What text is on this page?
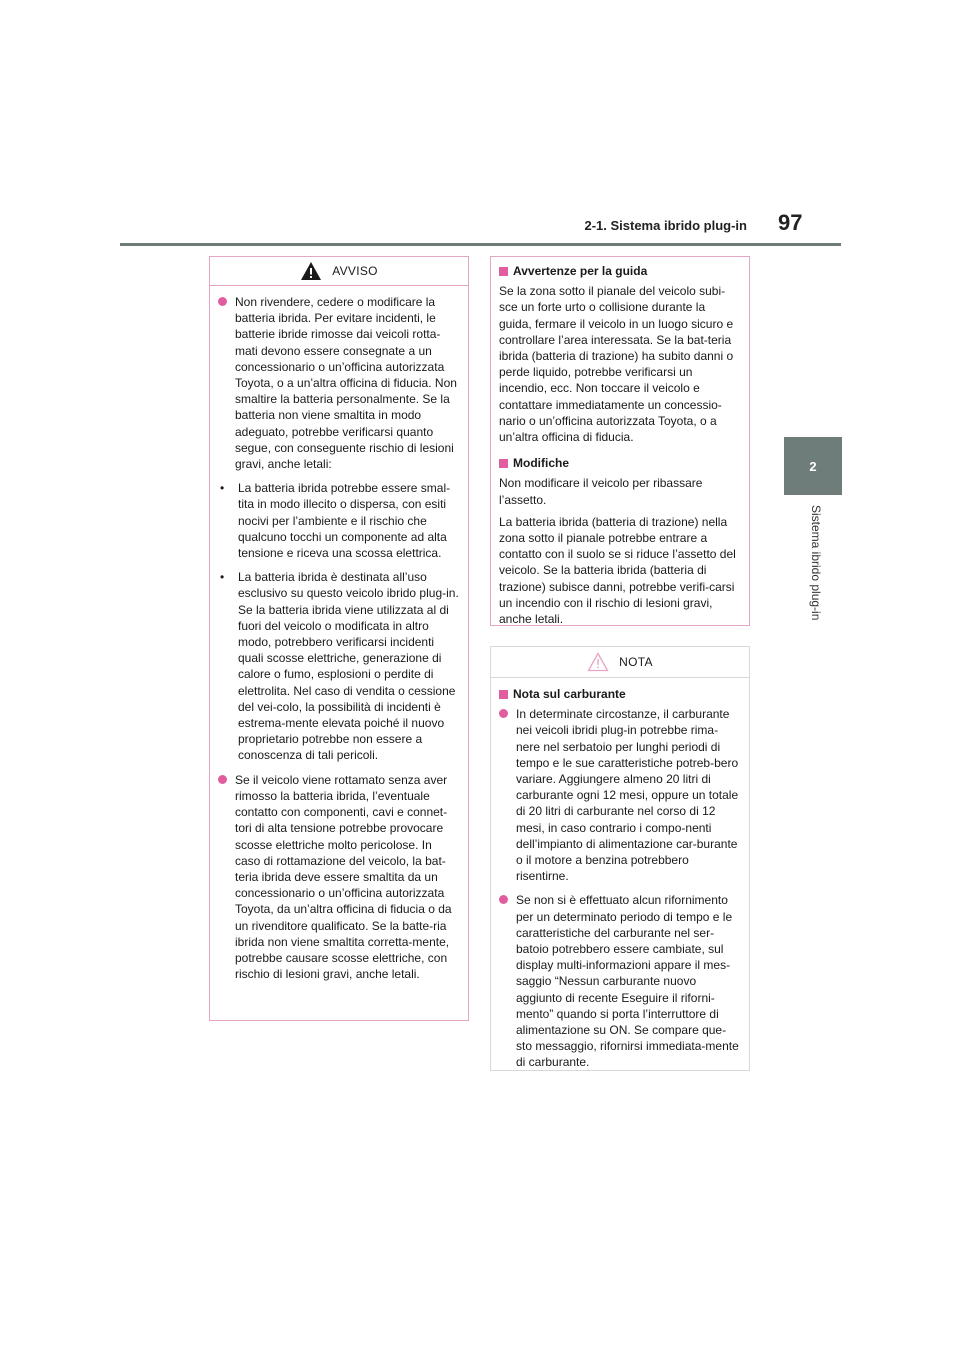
2-1. Sistema ibrido plug-in 97
2
Sistema ibrido plug-in
AVVISO
Non rivendere, cedere o modificare la batteria ibrida. Per evitare incidenti, le batterie ibride rimosse dai veicoli rotta-mati devono essere consegnate a un concessionario o un’officina autorizzata Toyota, o a un’altra officina di fiducia. Non smaltire la batteria personalmente. Se la batteria non viene smaltita in modo adeguato, potrebbe verificarsi quanto segue, con conseguente rischio di lesioni gravi, anche letali:
•	La batteria ibrida potrebbe essere smal-tita in modo illecito o dispersa, con esiti nocivi per l’ambiente e il rischio che qualcuno tocchi un componente ad alta tensione e riceva una scossa elettrica.
•	La batteria ibrida è destinata all’uso esclusivo su questo veicolo ibrido plug-in. Se la batteria ibrida viene utilizzata al di fuori del veicolo o modificata in altro modo, potrebbero verificarsi incidenti quali scosse elettriche, generazione di calore o fumo, esplosioni o perdite di elettrolita. Nel caso di vendita o cessione del vei-colo, la possibilità di incidenti è estrema-mente elevata poiché il nuovo proprietario potrebbe non essere a conoscenza di tali pericoli.
Se il veicolo viene rottamato senza aver rimosso la batteria ibrida, l’eventuale contatto con componenti, cavi e connet-tori di alta tensione potrebbe provocare scosse elettriche molto pericolose. In caso di rottamazione del veicolo, la bat-teria ibrida deve essere smaltita da un concessionario o un’officina autorizzata Toyota, da un’altra officina di fiducia o da un rivenditore qualificato. Se la batte-ria ibrida non viene smaltita corretta-mente, potrebbe causare scosse elettriche, con rischio di lesioni gravi, anche letali.
Avvertenze per la guida
Se la zona sotto il pianale del veicolo subi-sce un forte urto o collisione durante la guida, fermare il veicolo in un luogo sicuro e controllare l’area interessata. Se la bat-teria ibrida (batteria di trazione) ha subito danni o perde liquido, potrebbe verificarsi un incendio, ecc. Non toccare il veicolo e contattare immediatamente un concessio-nario o un’officina autorizzata Toyota, o a un’altra officina di fiducia.
Modifiche
Non modificare il veicolo per ribassare l’assetto.
La batteria ibrida (batteria di trazione) nella zona sotto il pianale potrebbe entrare a contatto con il suolo se si riduce l’assetto del veicolo. Se la batteria ibrida (batteria di trazione) subisce danni, potrebbe verifi-carsi un incendio con il rischio di lesioni gravi, anche letali.
NOTA
Nota sul carburante
In determinate circostanze, il carburante nei veicoli ibridi plug-in potrebbe rima-nere nel serbatoio per lunghi periodi di tempo e le sue caratteristiche potreb-bero variare. Aggiungere almeno 20 litri di carburante ogni 12 mesi, oppure un totale di 20 litri di carburante nel corso di 12 mesi, in caso contrario i compo-nenti dell’impianto di alimentazione car-burante o il motore a benzina potrebbero risentirne.
Se non si è effettuato alcun rifornimento per un determinato periodo di tempo e le caratteristiche del carburante nel ser-batoio potrebbero essere cambiate, sul display multi-informazioni appare il mes-saggio “Nessun carburante nuovo aggiunto di recente Eseguire il riforni-mento” quando si porta l’interruttore di alimentazione su ON. Se compare que-sto messaggio, rifornirsi immediata-mente di carburante.
